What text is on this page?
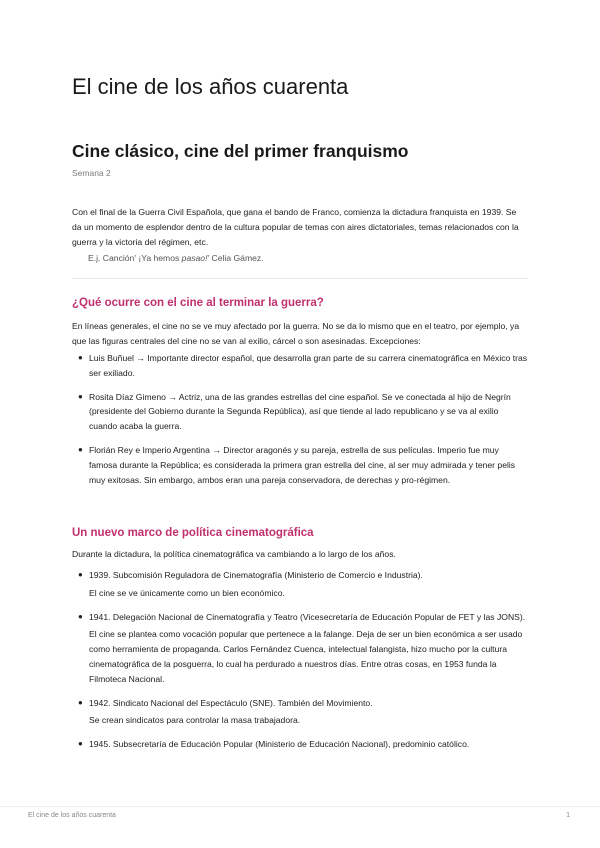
El cine de los años cuarenta
Cine clásico, cine del primer franquismo
Semana 2
Con el final de la Guerra Civil Española, que gana el bando de Franco, comienza la dictadura franquista en 1939. Se da un momento de esplendor dentro de la cultura popular de temas con aires dictatoriales, temas relacionados con la guerra y la victoria del régimen, etc.
E.j. Canción' ¡Ya hemos pasao!' Celia Gámez.
¿Qué ocurre con el cine al terminar la guerra?
En líneas generales, el cine no se ve muy afectado por la guerra. No se da lo mismo que en el teatro, por ejemplo, ya que las figuras centrales del cine no se van al exilio, cárcel o son asesinadas. Excepciones:
● Luis Buñuel → Importante director español, que desarrolla gran parte de su carrera cinematográfica en México tras ser exiliado.
● Rosita Díaz Gimeno → Actriz, una de las grandes estrellas del cine español. Se ve conectada al hijo de Negrín (presidente del Gobierno durante la Segunda República), así que tiende al lado republicano y se va al exilio cuando acaba la guerra.
● Florián Rey e Imperio Argentina → Director aragonés y su pareja, estrella de sus películas. Imperio fue muy famosa durante la República; es considerada la primera gran estrella del cine, al ser muy admirada y tener pelis muy exitosas. Sin embargo, ambos eran una pareja conservadora, de derechas y pro-régimen.
Un nuevo marco de política cinematográfica
Durante la dictadura, la política cinematográfica va cambiando a lo largo de los años.
● 1939. Subcomisión Reguladora de Cinematografía (Ministerio de Comercio e Industria).

El cine se ve únicamente como un bien económico.

● 1941. Delegación Nacional de Cinematografía y Teatro (Vicesecretaría de Educación Popular de FET y las JONS).

El cine se plantea como vocación popular que pertenece a la falange. Deja de ser un bien económica a ser usado como herramienta de propaganda. Carlos Fernández Cuenca, intelectual falangista, hizo mucho por la cultura cinematográfica de la posguerra, lo cual ha perdurado a nuestros días. Entre otras cosas, en 1953 funda la Filmoteca Nacional.

● 1942. Sindicato Nacional del Espectáculo (SNE). También del Movimiento.

Se crean sindicatos para controlar la masa trabajadora.

● 1945. Subsecretaría de Educación Popular (Ministerio de Educación Nacional), predominio católico.
El cine de los años cuarenta	1
